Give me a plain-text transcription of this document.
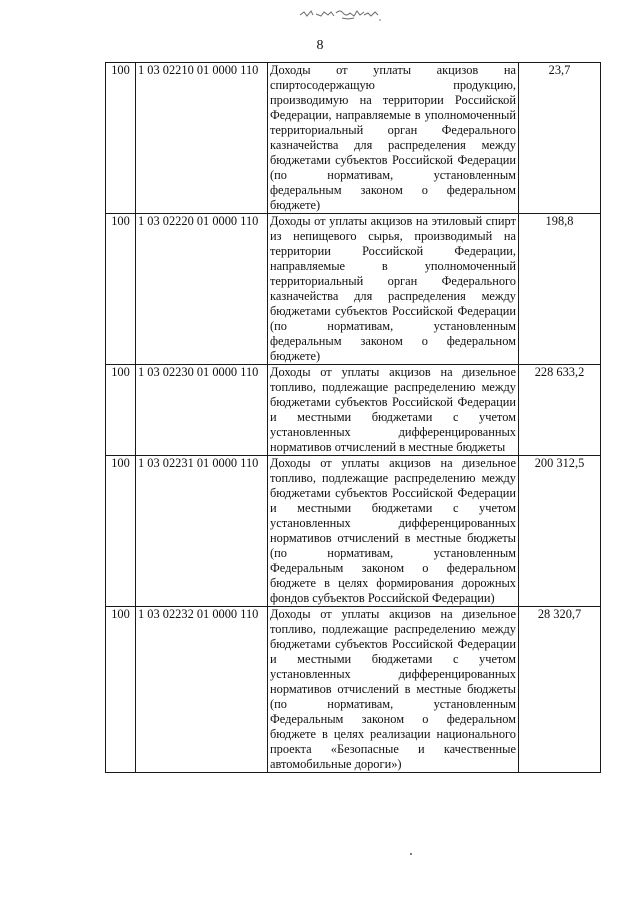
8
100	1 03 02210 01 0000 110	Доходы от уплаты акцизов на спиртосодержащую продукцию, производимую на территории Российской Федерации, направляемые в уполномоченный территориальный орган Федерального казначейства для распределения между бюджетами субъектов Российской Федерации (по нормативам, установленным федеральным законом о федеральном бюджете)	23,7
100	1 03 02220 01 0000 110	Доходы от уплаты акцизов на этиловый спирт из непищевого сырья, производимый на территории Российской Федерации, направляемые в уполномоченный территориальный орган Федерального казначейства для распределения между бюджетами субъектов Российской Федерации (по нормативам, установленным федеральным законом о федеральном бюджете)	198,8
100	1 03 02230 01 0000 110	Доходы от уплаты акцизов на дизельное топливо, подлежащие распределению между бюджетами субъектов Российской Федерации и местными бюджетами с учетом установленных дифференцированных нормативов отчислений в местные бюджеты	228 633,2
100	1 03 02231 01 0000 110	Доходы от уплаты акцизов на дизельное топливо, подлежащие распределению между бюджетами субъектов Российской Федерации и местными бюджетами с учетом установленных дифференцированных нормативов отчислений в местные бюджеты (по нормативам, установленным Федеральным законом о федеральном бюджете в целях формирования дорожных фондов субъектов Российской Федерации)	200 312,5
100	1 03 02232 01 0000 110	Доходы от уплаты акцизов на дизельное топливо, подлежащие распределению между бюджетами субъектов Российской Федерации и местными бюджетами с учетом установленных дифференцированных нормативов отчислений в местные бюджеты (по нормативам, установленным Федеральным законом о федеральном бюджете в целях реализации национального проекта «Безопасные и качественные автомобильные дороги»)	28 320,7
